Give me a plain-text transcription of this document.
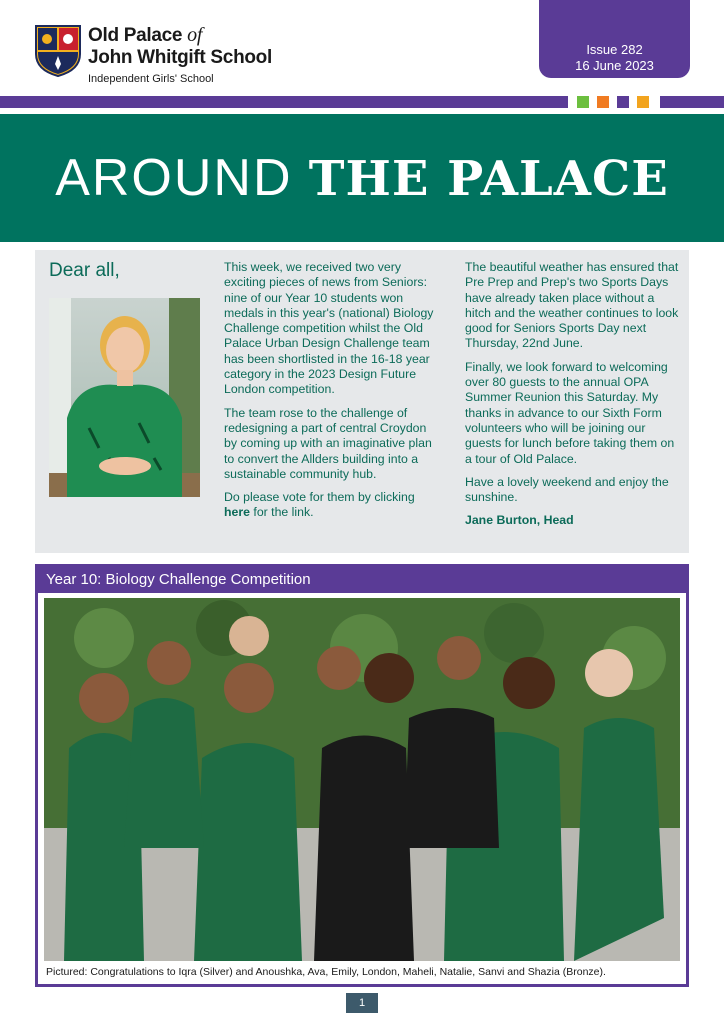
Old Palace of
John Whitgift School
Independent Girls' School
Issue 282
16 June 2023
AROUND THE PALACE
Dear all,	This week, we received two very exciting pieces of news from Seniors: nine of our Year 10 students won medals in this year's (national) Biology Challenge competition whilst the Old Palace Urban Design Challenge team has been shortlisted in the 16-18 year category in the 2023 Design Future London competition.

The team rose to the challenge of redesigning a part of central Croydon by coming up with an imaginative plan to convert the Allders building into a sustainable community hub.

Do please vote for them by clicking here for the link.

The beautiful weather has ensured that Pre Prep and Prep's two Sports Days have already taken place without a hitch and the weather continues to look good for Seniors Sports Day next Thursday, 22nd June.

Finally, we look forward to welcoming over 80 guests to the annual OPA Summer Reunion this Saturday. My thanks in advance to our Sixth Form volunteers who will be joining our guests for lunch before taking them on a tour of Old Palace.

Have a lovely weekend and enjoy the sunshine.

Jane Burton, Head

Year 10: Biology Challenge Competition
Pictured: Congratulations to Iqra (Silver) and Anoushka, Ava, Emily, London, Maheli, Natalie, Sanvi and Shazia (Bronze).
1
